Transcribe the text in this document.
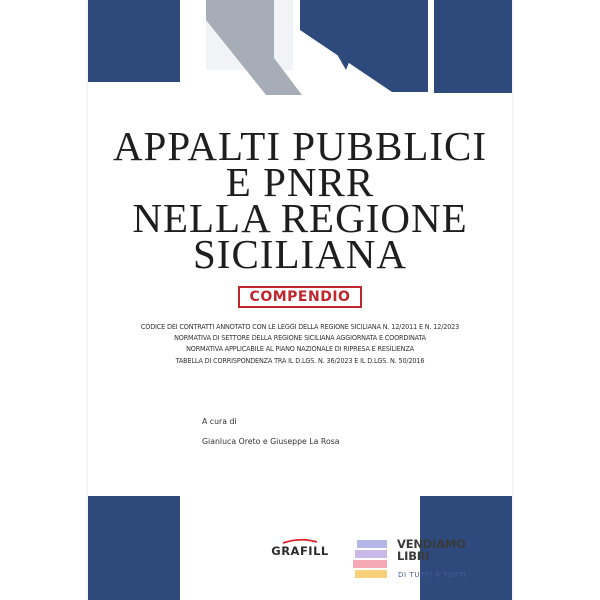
APPALTI PUBBLICI
E PNRR
NELLA REGIONE
SICILIANA
COMPENDIO
CODICE DEI CONTRATTI ANNOTATO CON LE LEGGI DELLA REGIONE SICILIANA N. 12/2011 E N. 12/2023
NORMATIVA DI SETTORE DELLA REGIONE SICILIANA AGGIORNATA E COORDINATA
NORMATIVA APPLICABILE AL PIANO NAZIONALE DI RIPRESA E RESILIENZA
TABELLA DI CORRISPONDENZA TRA IL D.LGS. N. 36/2023 E IL D.LGS. N. 50/2016
A cura di
Gianluca Oreto e Giuseppe La Rosa
GRAFILL	VENDIAMO
LIBRI
DI TUTTI A TUTTI
